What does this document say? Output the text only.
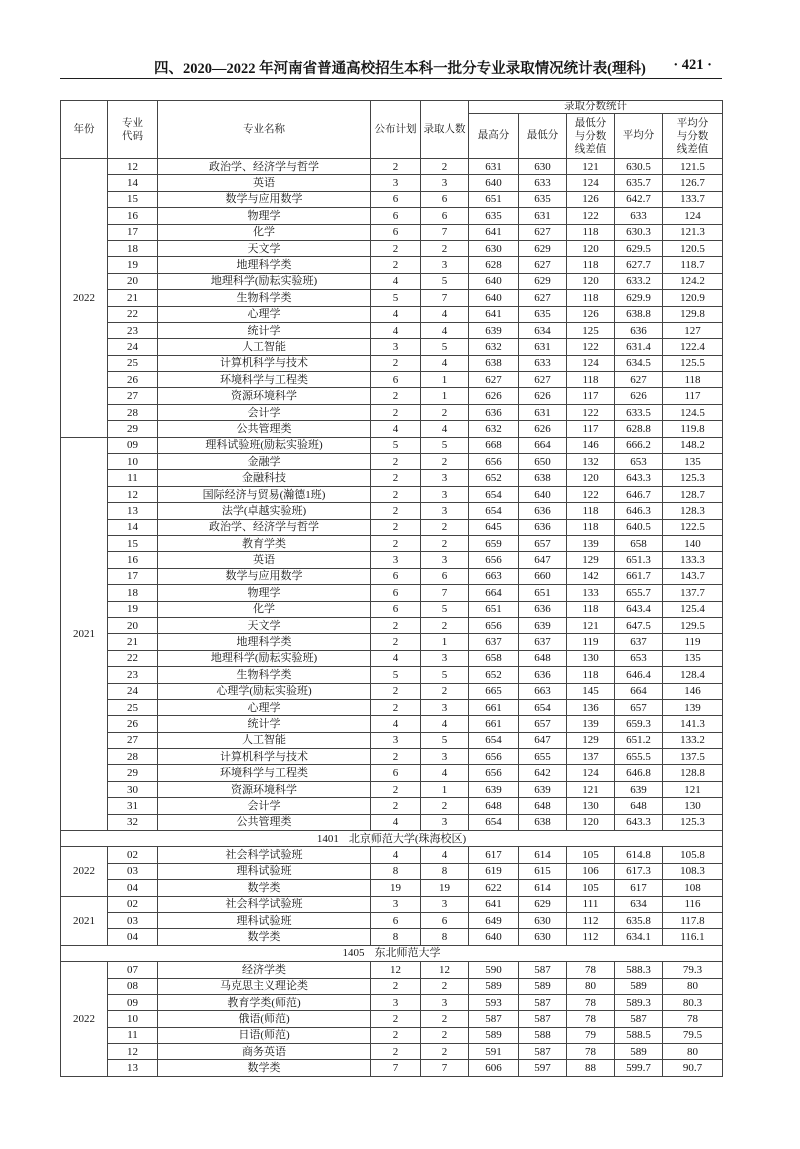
四、2020—2022 年河南省普通高校招生本科一批分专业录取情况统计表(理科) · 421 ·
年份	专业代码	专业名称	公布计划	录取人数	录取分数统计				
					最高分	最低分	最低分与分数线差值	平均分	平均分与分数线差值
2022	12	政治学、经济学与哲学	2	2	631	630	121	630.5	121.5
	14	英语	3	3	640	633	124	635.7	126.7
	15	数学与应用数学	6	6	651	635	126	642.7	133.7
	16	物理学	6	6	635	631	122	633	124
	17	化学	6	7	641	627	118	630.3	121.3
	18	天文学	2	2	630	629	120	629.5	120.5
	19	地理科学类	2	3	628	627	118	627.7	118.7
	20	地理科学(励耘实验班)	4	5	640	629	120	633.2	124.2
	21	生物科学类	5	7	640	627	118	629.9	120.9
	22	心理学	4	4	641	635	126	638.8	129.8
	23	统计学	4	4	639	634	125	636	127
	24	人工智能	3	5	632	631	122	631.4	122.4
	25	计算机科学与技术	2	4	638	633	124	634.5	125.5
	26	环境科学与工程类	6	1	627	627	118	627	118
	27	资源环境科学	2	1	626	626	117	626	117
	28	会计学	2	2	636	631	122	633.5	124.5
	29	公共管理类	4	4	632	626	117	628.8	119.8
2021	09	理科试验班(励耘实验班)	5	5	668	664	146	666.2	148.2
	10	金融学	2	2	656	650	132	653	135
	11	金融科技	2	3	652	638	120	643.3	125.3
	12	国际经济与贸易(瀚德1班)	2	3	654	640	122	646.7	128.7
	13	法学(卓越实验班)	2	3	654	636	118	646.3	128.3
	14	政治学、经济学与哲学	2	2	645	636	118	640.5	122.5
	15	教育学类	2	2	659	657	139	658	140
	16	英语	3	3	656	647	129	651.3	133.3
	17	数学与应用数学	6	6	663	660	142	661.7	143.7
	18	物理学	6	7	664	651	133	655.7	137.7
	19	化学	6	5	651	636	118	643.4	125.4
	20	天文学	2	2	656	639	121	647.5	129.5
	21	地理科学类	2	1	637	637	119	637	119
	22	地理科学(励耘实验班)	4	3	658	648	130	653	135
	23	生物科学类	5	5	652	636	118	646.4	128.4
	24	心理学(励耘实验班)	2	2	665	663	145	664	146
	25	心理学	2	3	661	654	136	657	139
	26	统计学	4	4	661	657	139	659.3	141.3
	27	人工智能	3	5	654	647	129	651.2	133.2
	28	计算机科学与技术	2	3	656	655	137	655.5	137.5
	29	环境科学与工程类	6	4	656	642	124	646.8	128.8
	30	资源环境科学	2	1	639	639	121	639	121
	31	会计学	2	2	648	648	130	648	130
	32	公共管理类	4	3	654	638	120	643.3	125.3
1401 北京师范大学(珠海校区)									
2022	02	社会科学试验班	4	4	617	614	105	614.8	105.8
	03	理科试验班	8	8	619	615	106	617.3	108.3
	04	数学类	19	19	622	614	105	617	108
2021	02	社会科学试验班	3	3	641	629	111	634	116
	03	理科试验班	6	6	649	630	112	635.8	117.8
	04	数学类	8	8	640	630	112	634.1	116.1
1405 东北师范大学									
2022	07	经济学类	12	12	590	587	78	588.3	79.3
	08	马克思主义理论类	2	2	589	589	80	589	80
	09	教育学类(师范)	3	3	593	587	78	589.3	80.3
	10	俄语(师范)	2	2	587	587	78	587	78
	11	日语(师范)	2	2	589	588	79	588.5	79.5
	12	商务英语	2	2	591	587	78	589	80
	13	数学类	7	7	606	597	88	599.7	90.7
